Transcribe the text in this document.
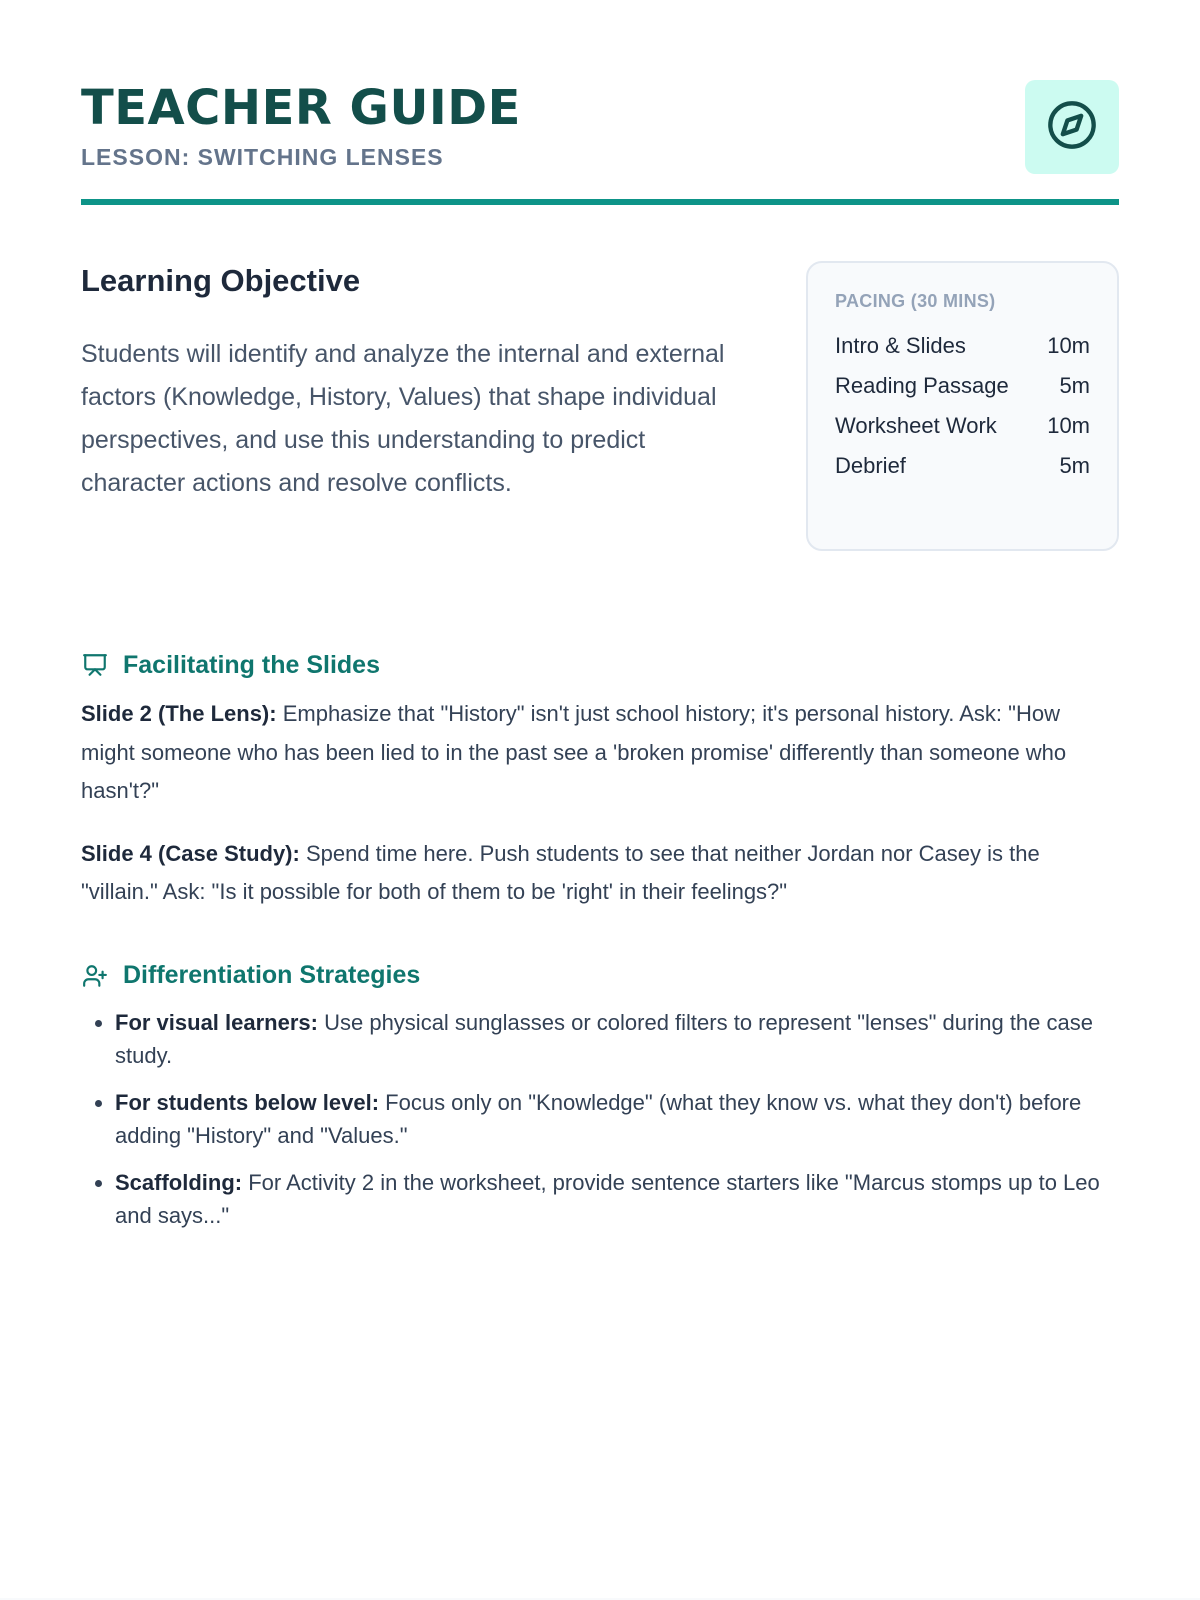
TEACHER GUIDE
LESSON: SWITCHING LENSES
Learning Objective

Students will identify and analyze the internal and external factors (Knowledge, History, Values) that shape individual perspectives, and use this understanding to predict character actions and resolve conflicts.

PACING (30 MINS)
Intro & Slides	10m
Reading Passage 5m
Worksheet Work 10m
Debrief	5m
Facilitating the Slides

Slide 2 (The Lens): Emphasize that "History" isn't just school history; it's personal history. Ask: "How might someone who has been lied to in the past see a 'broken promise' differently than someone who hasn't?"

Slide 4 (Case Study): Spend time here. Push students to see that neither Jordan nor Casey is the "villain." Ask: "Is it possible for both of them to be 'right' in their feelings?"

Differentiation Strategies
• For visual learners: Use physical sunglasses or colored filters to represent "lenses" during the case study.
• For students below level: Focus only on "Knowledge" (what they know vs. what they don't) before adding "History" and "Values."
• Scaffolding: For Activity 2 in the worksheet, provide sentence starters like "Marcus stomps up to Leo and says..."
